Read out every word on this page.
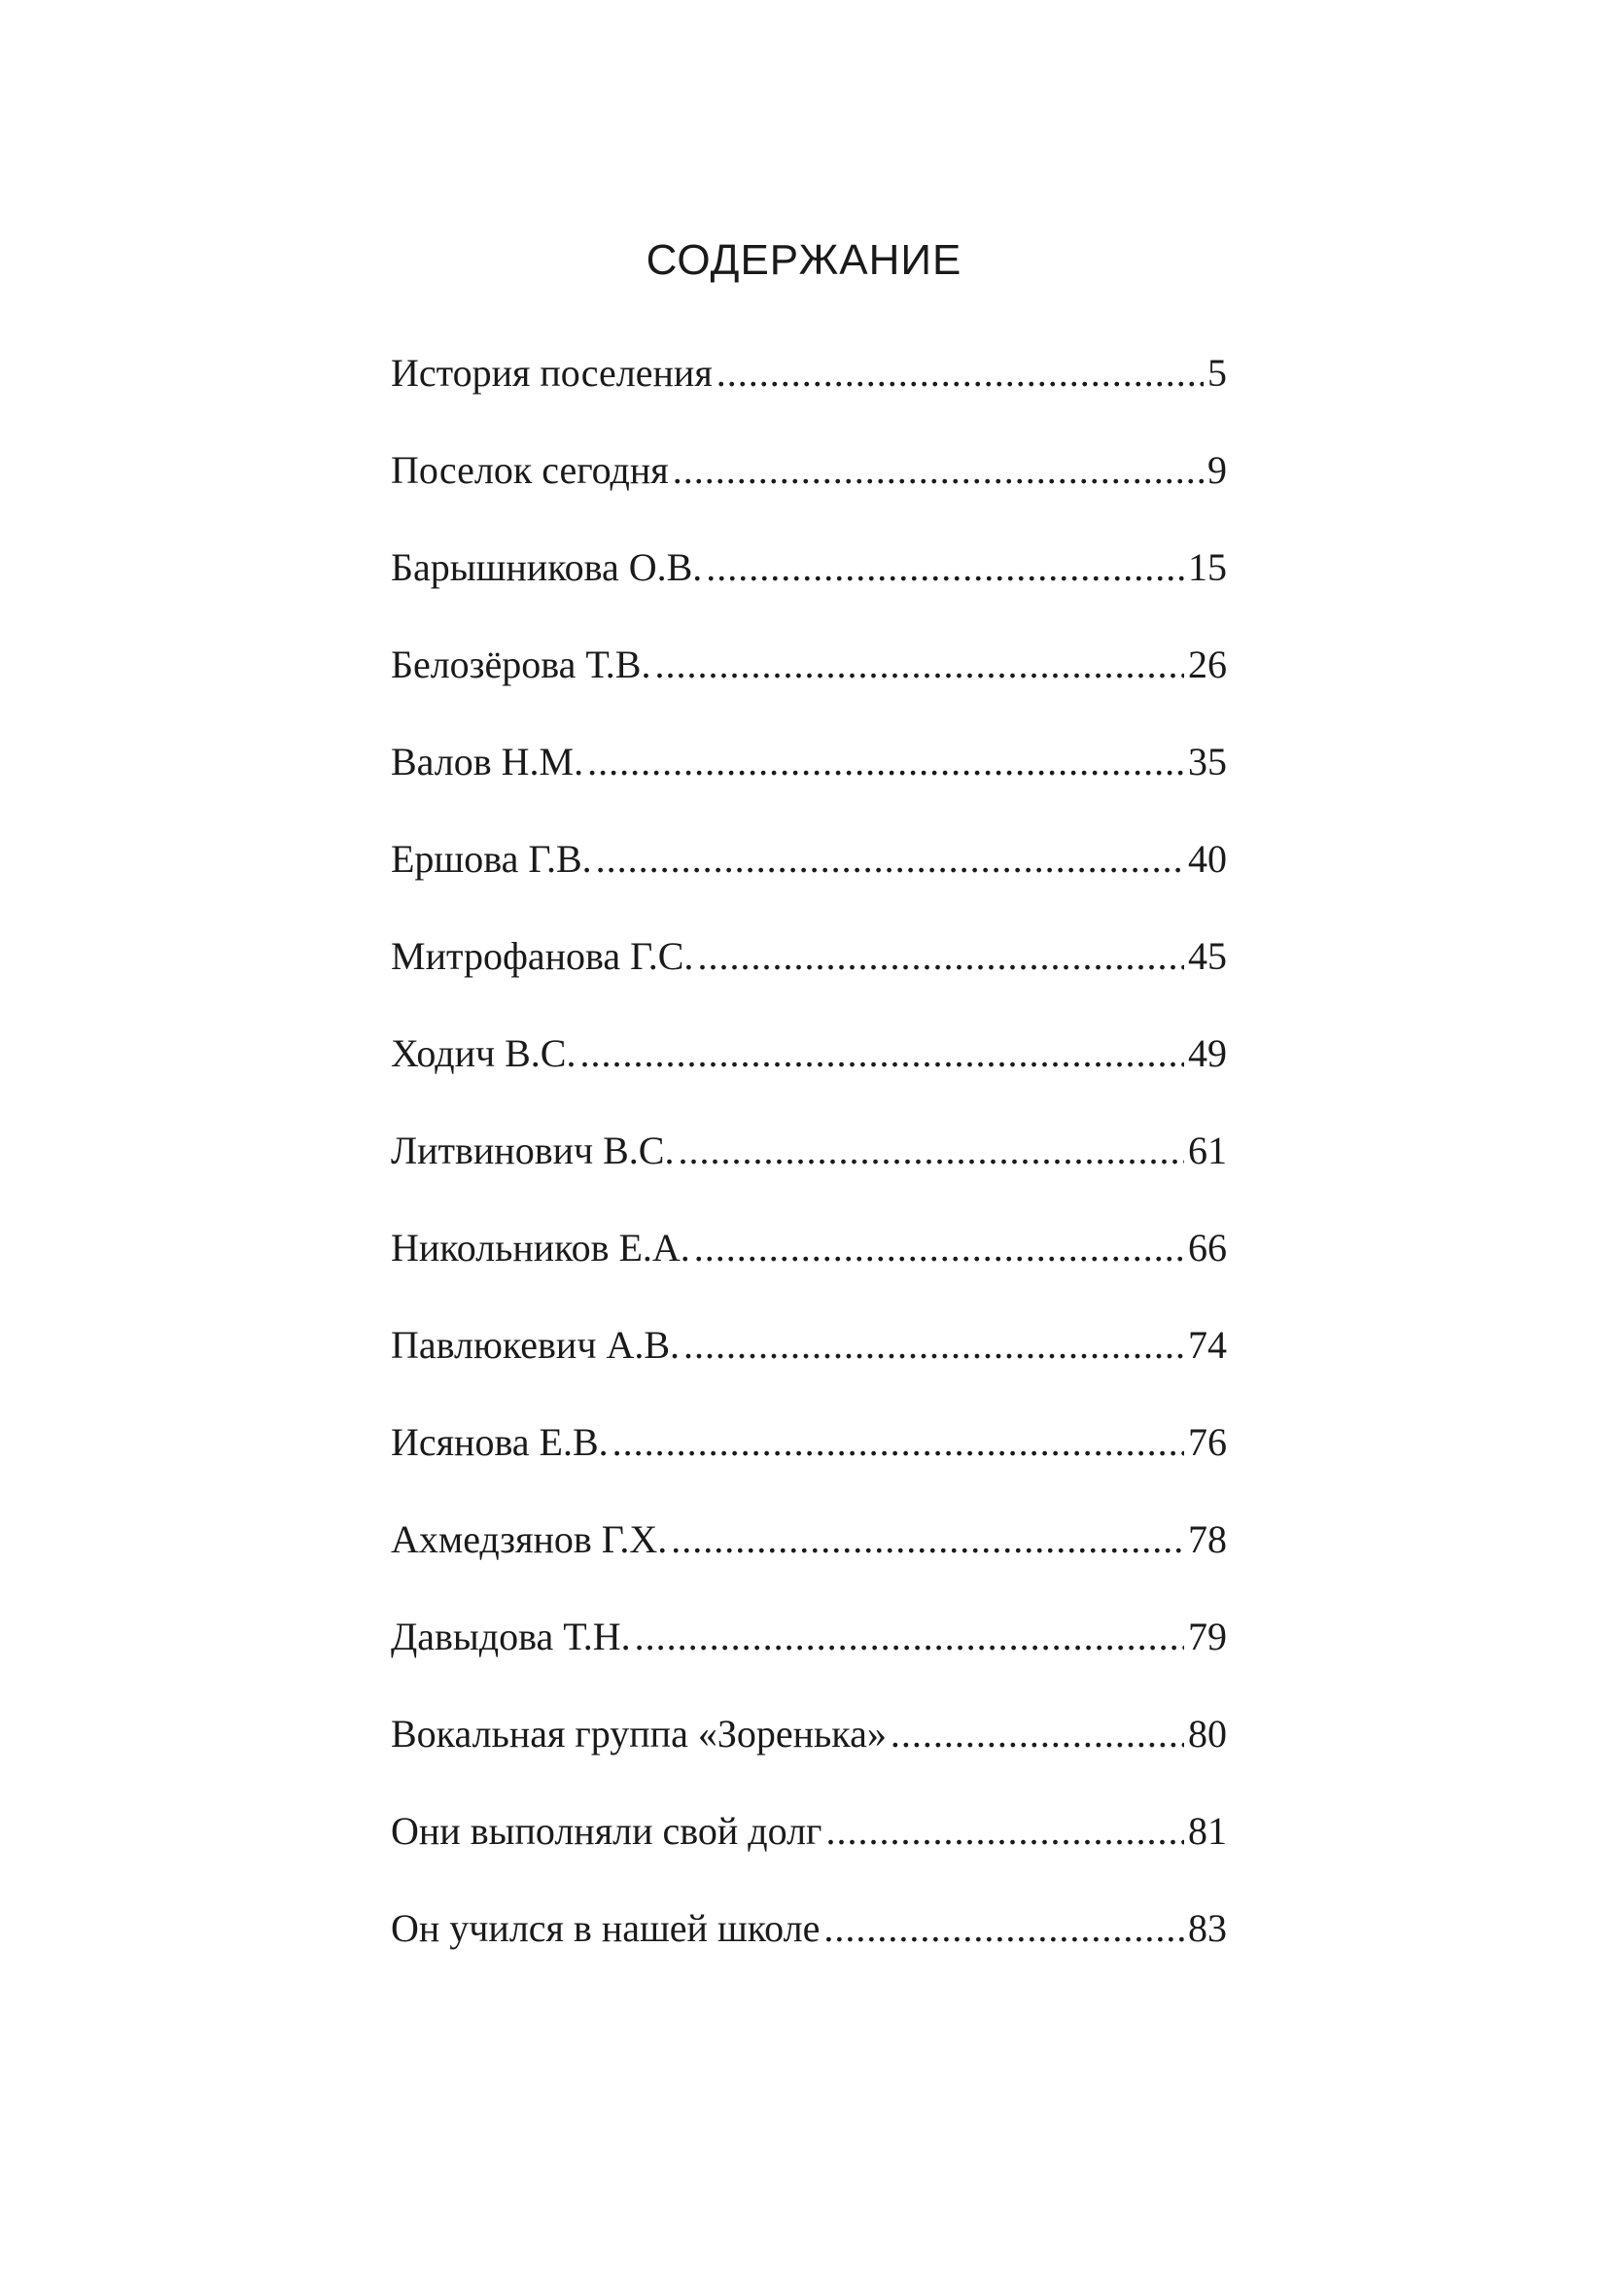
СОДЕРЖАНИЕ
История поселения .....	5
Поселок сегодня .....	9
Барышникова О.В. .....	15
Белозёрова Т.В. .....	26
Валов Н.М. .....	35
Ершова Г.В. .....	40
Митрофанова Г.С. .....	45
Ходич В.С. .....	49
Литвинович В.С. .....	61
Никольников Е.А. .....	66
Павлюкевич А.В. .....	74
Исянова Е.В. .....	76
Ахмедзянов Г.Х. .....	78
Давыдова Т.Н. .....	79
Вокальная группа «Зоренька» .....	80
Они выполняли свой долг .....	81
Он учился в нашей школе .....	83
